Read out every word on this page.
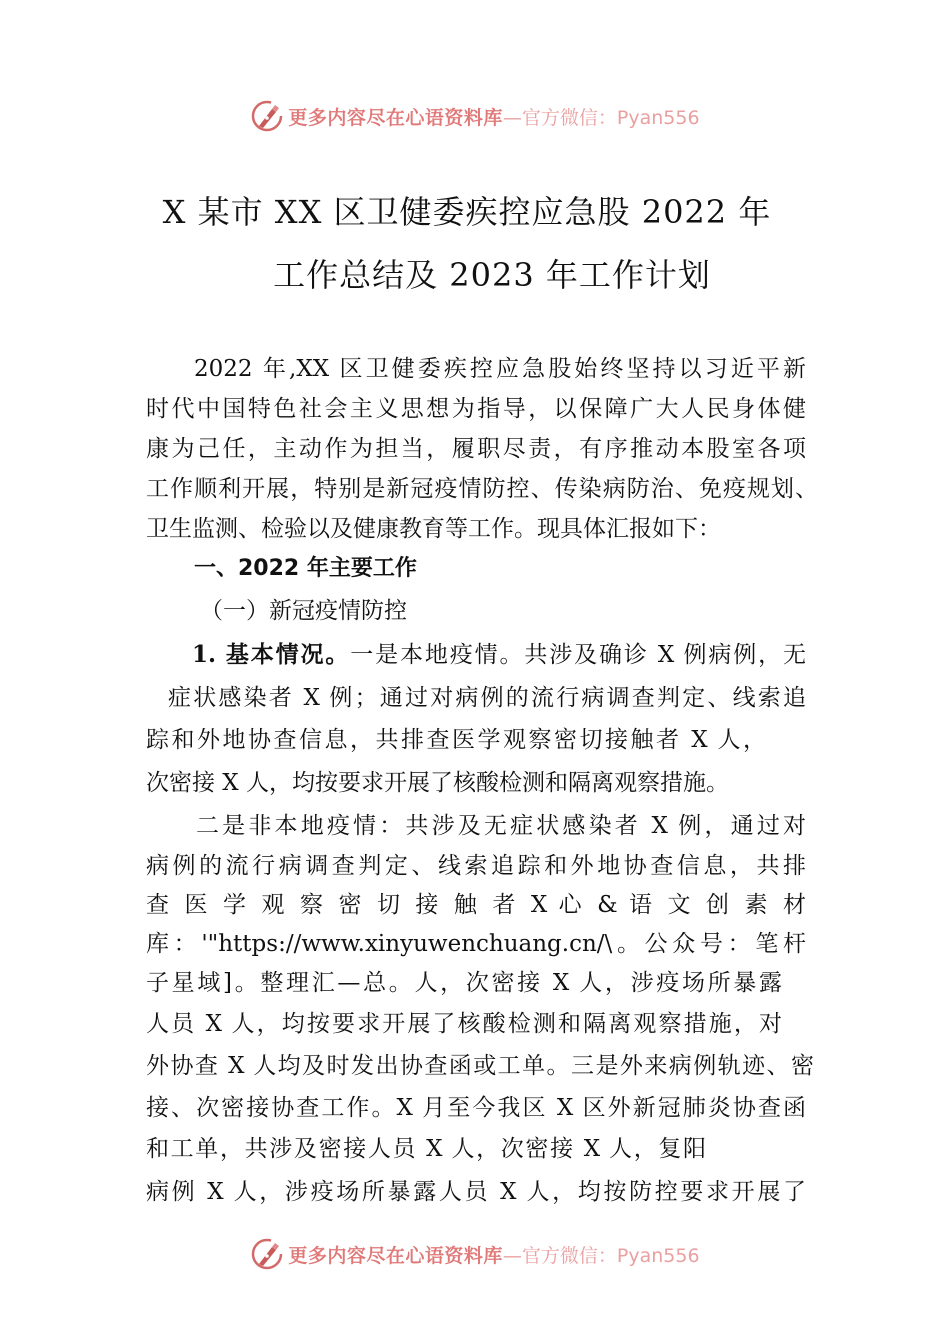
更多内容尽在心语资料库 —官方微信：Pyan556
X 某市 XX 区卫健委疾控应急股 2022 年
工作总结及 2023 年工作计划
2022 年,XX 区卫健委疾控应急股始终坚持以习近平新
时代中国特色社会主义思想为指导，以保障广大人民身体健
康为己任，主动作为担当，履职尽责，有序推动本股室各项
工作顺利开展，特别是新冠疫情防控、传染病防治、免疫规划、
卫生监测、检验以及健康教育等工作。现具体汇报如下：
一、2022 年主要工作
（一）新冠疫情防控
1. 基本情况。一是本地疫情。共涉及确诊 X 例病例，无
症状感染者 X 例；通过对病例的流行病调查判定、线索追
踪和外地协查信息，共排查医学观察密切接触者 X 人，
次密接 X 人，均按要求开展了核酸检测和隔离观察措施。
二是非本地疫情：共涉及无症状感染者 X 例，通过对
病例的流行病调查判定、线索追踪和外地协查信息，共排
查 医 学 观 察 密 切 接 触 者 X 心 & 语 文 创 素 材
库：'"https://www.xinyuwenchuang.cn/\。公众号：笔杆
子星域]。整理汇—总。人，次密接 X 人，涉疫场所暴露
人员 X 人，均按要求开展了核酸检测和隔离观察措施，对
外协查 X 人均及时发出协查函或工单。三是外来病例轨迹、密
接、次密接协查工作。X 月至今我区 X 区外新冠肺炎协查函
和工单，共涉及密接人员 X 人，次密接 X 人，复阳
病例 X 人，涉疫场所暴露人员 X 人，均按防控要求开展了
更多内容尽在心语资料库 —官方微信：Pyan556
